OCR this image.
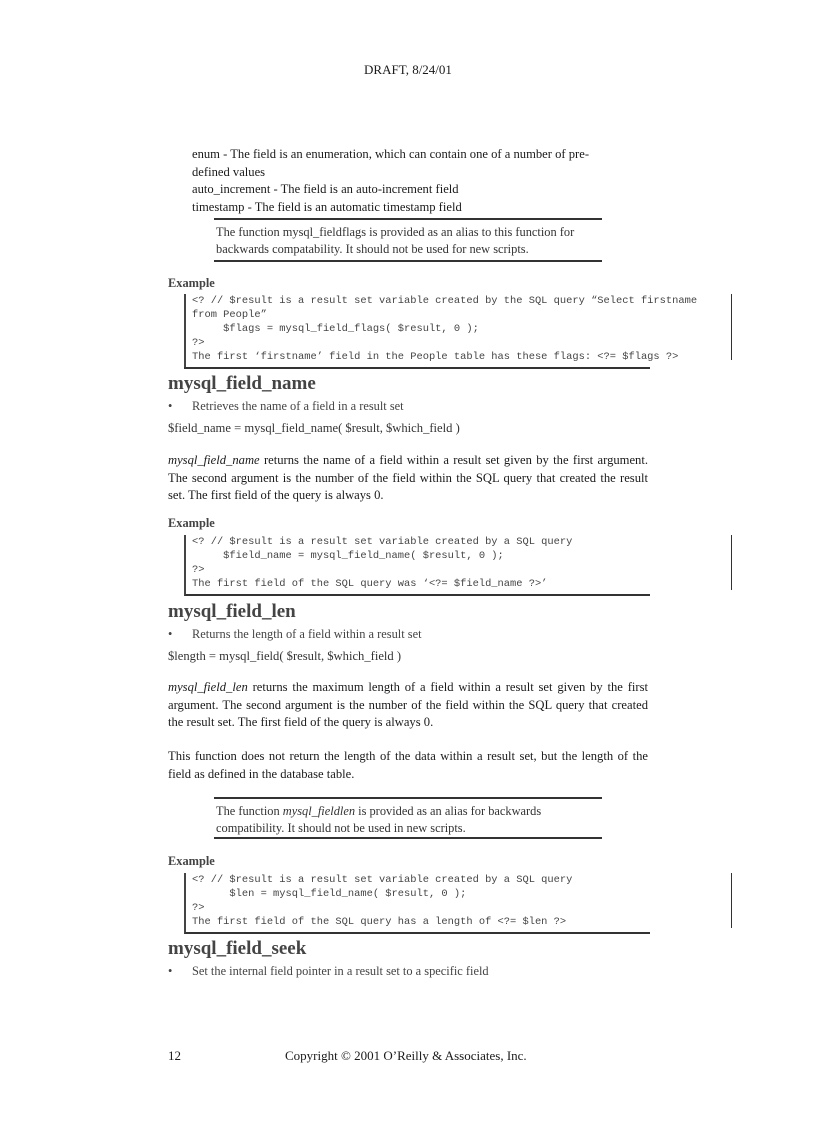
DRAFT, 8/24/01
enum - The field is an enumeration, which can contain one of a number of pre-
defined values
auto_increment - The field is an auto-increment field
timestamp - The field is an automatic timestamp field
The function mysql_fieldflags is provided as an alias to this function for backwards compatability. It should not be used for new scripts.
Example
<? // $result is a result set variable created by the SQL query “Select firstname
from People”
$flags = mysql_field_flags( $result, 0 );
?>
The first ‘firstname’ field in the People table has these flags: <?= $flags ?>
mysql_field_name
• Retrieves the name of a field in a result set
$field_name = mysql_field_name( $result, $which_field )
mysql_field_name returns the name of a field within a result set given by the first argument. The second argument is the number of the field within the SQL query that created the result set. The first field of the query is always 0.
Example
<? // $result is a result set variable created by a SQL query
$field_name = mysql_field_name( $result, 0 );
?>
The first field of the SQL query was ‘<?= $field_name ?>’
mysql_field_len
• Returns the length of a field within a result set
$length = mysql_field( $result, $which_field )
mysql_field_len returns the maximum length of a field within a result set given by the first argument. The second argument is the number of the field within the SQL query that created the result set. The first field of the query is always 0.
This function does not return the length of the data within a result set, but the length of the field as defined in the database table.
The function mysql_fieldlen is provided as an alias for backwards compatibility. It should not be used in new scripts.
Example
<? // $result is a result set variable created by a SQL query
$len = mysql_field_name( $result, 0 );
?>
The first field of the SQL query has a length of <?= $len ?>
mysql_field_seek
• Set the internal field pointer in a result set to a specific field
12	Copyright © 2001 O’Reilly & Associates, Inc.
